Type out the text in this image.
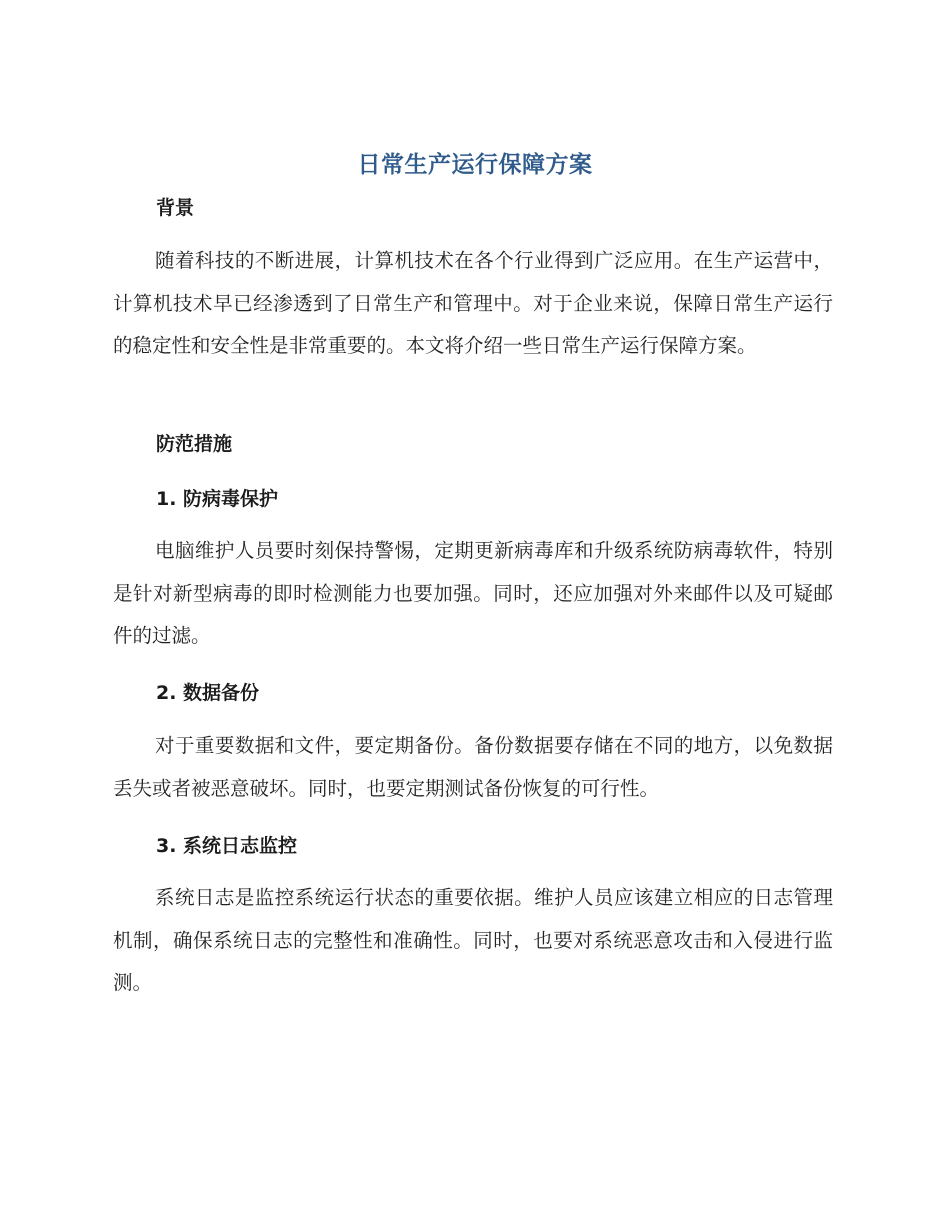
日常生产运行保障方案
背景

随着科技的不断进展，计算机技术在各个行业得到广泛应用。在生产运营中，计算机技术早已经渗透到了日常生产和管理中。对于企业来说，保障日常生产运行的稳定性和安全性是非常重要的。本文将介绍一些日常生产运行保障方案。

防范措施
1. 防病毒保护

电脑维护人员要时刻保持警惕，定期更新病毒库和升级系统防病毒软件，特别是针对新型病毒的即时检测能力也要加强。同时，还应加强对外来邮件以及可疑邮件的过滤。

2. 数据备份

对于重要数据和文件，要定期备份。备份数据要存储在不同的地方，以免数据丢失或者被恶意破坏。同时，也要定期测试备份恢复的可行性。

3. 系统日志监控

系统日志是监控系统运行状态的重要依据。维护人员应该建立相应的日志管理机制，确保系统日志的完整性和准确性。同时，也要对系统恶意攻击和入侵进行监测。
